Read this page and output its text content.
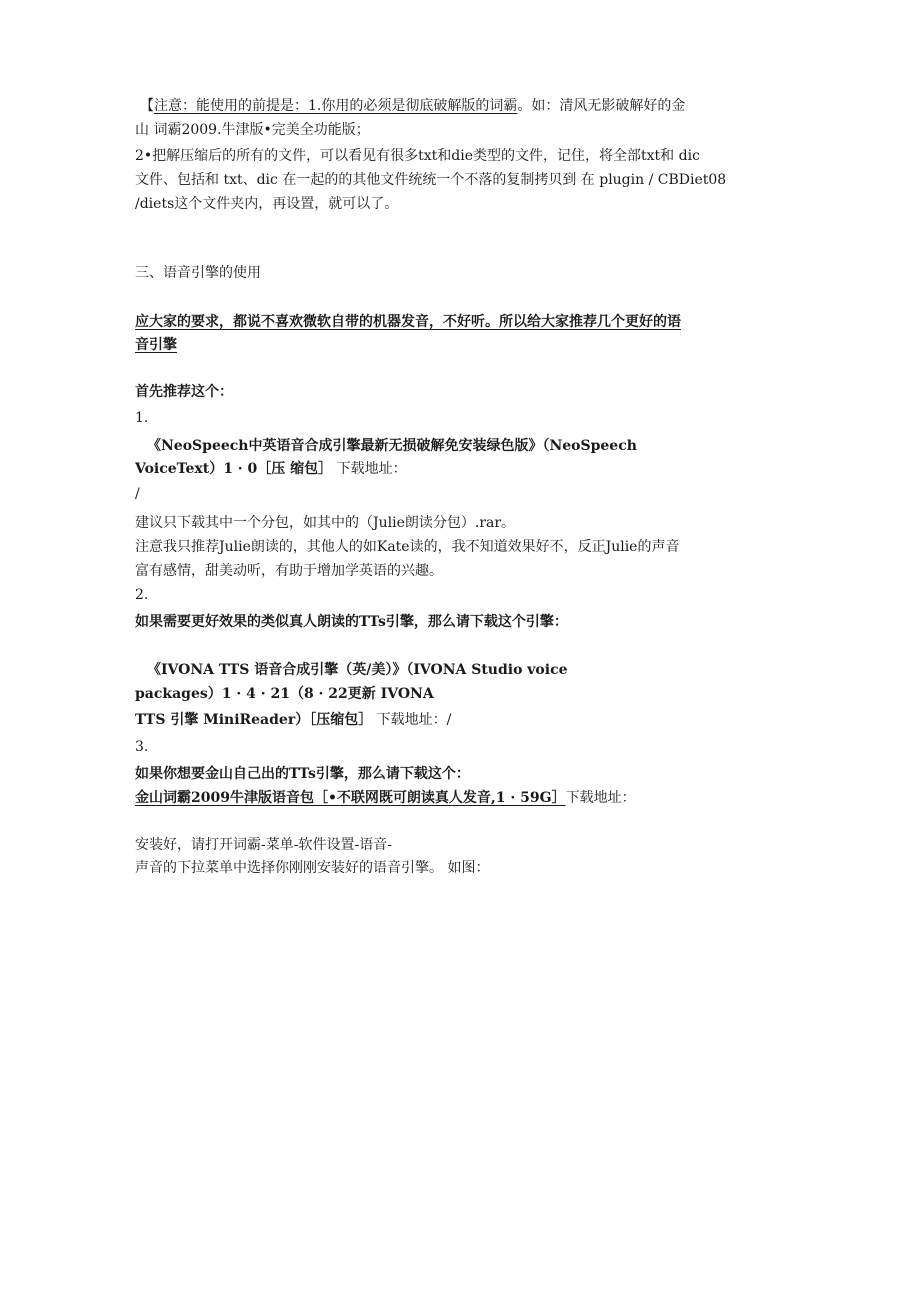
【注意：能使用的前提是：1.你用的必须是彻底破解版的词霸。如：清风无影破解好的金
山 词霸2009.牛津版•完美全功能版；
2•把解压缩后的所有的文件，可以看见有很多txt和die类型的文件，记住，将全部txt和 dic
文件、包括和 txt、dic 在一起的的其他文件统统一个不落的复制拷贝到 在 plugin / CBDiet08
/diets这个文件夹内，再设置，就可以了。
三、语音引擎的使用
应大家的要求，都说不喜欢微软自带的机器发音，不好听。所以给大家推荐几个更好的语
音引擎
首先推荐这个：
1.
《NeoSpeech中英语音合成引擎最新无损破解免安装绿色版》（NeoSpeech
VoiceText）1 · 0［压 缩包］ 下载地址：
/
建议只下载其中一个分包，如其中的（Julie朗读分包）.rar。
注意我只推荐Julie朗读的，其他人的如Kate读的，我不知道效果好不，反正Julie的声音
富有感情，甜美动听，有助于增加学英语的兴趣。
2.
如果需要更好效果的类似真人朗读的TTs引擎，那么请下载这个引擎：
《IVONA TTS 语音合成引擎（英/美）》（IVONA Studio voice
packages）1 · 4 · 21（8 · 22更新 IVONA
TTS 引擎 MiniReader）［压缩包］ 下载地址：/
3.
如果你想要金山自己出的TTs引擎，那么请下载这个：
金山词霸2009牛津版语音包［•不联网既可朗读真人发音,1 · 59G］下载地址：
安装好，请打开词霸-菜单-软件设置-语音-
声音的下拉菜单中选择你刚刚安装好的语音引擎。 如图：
